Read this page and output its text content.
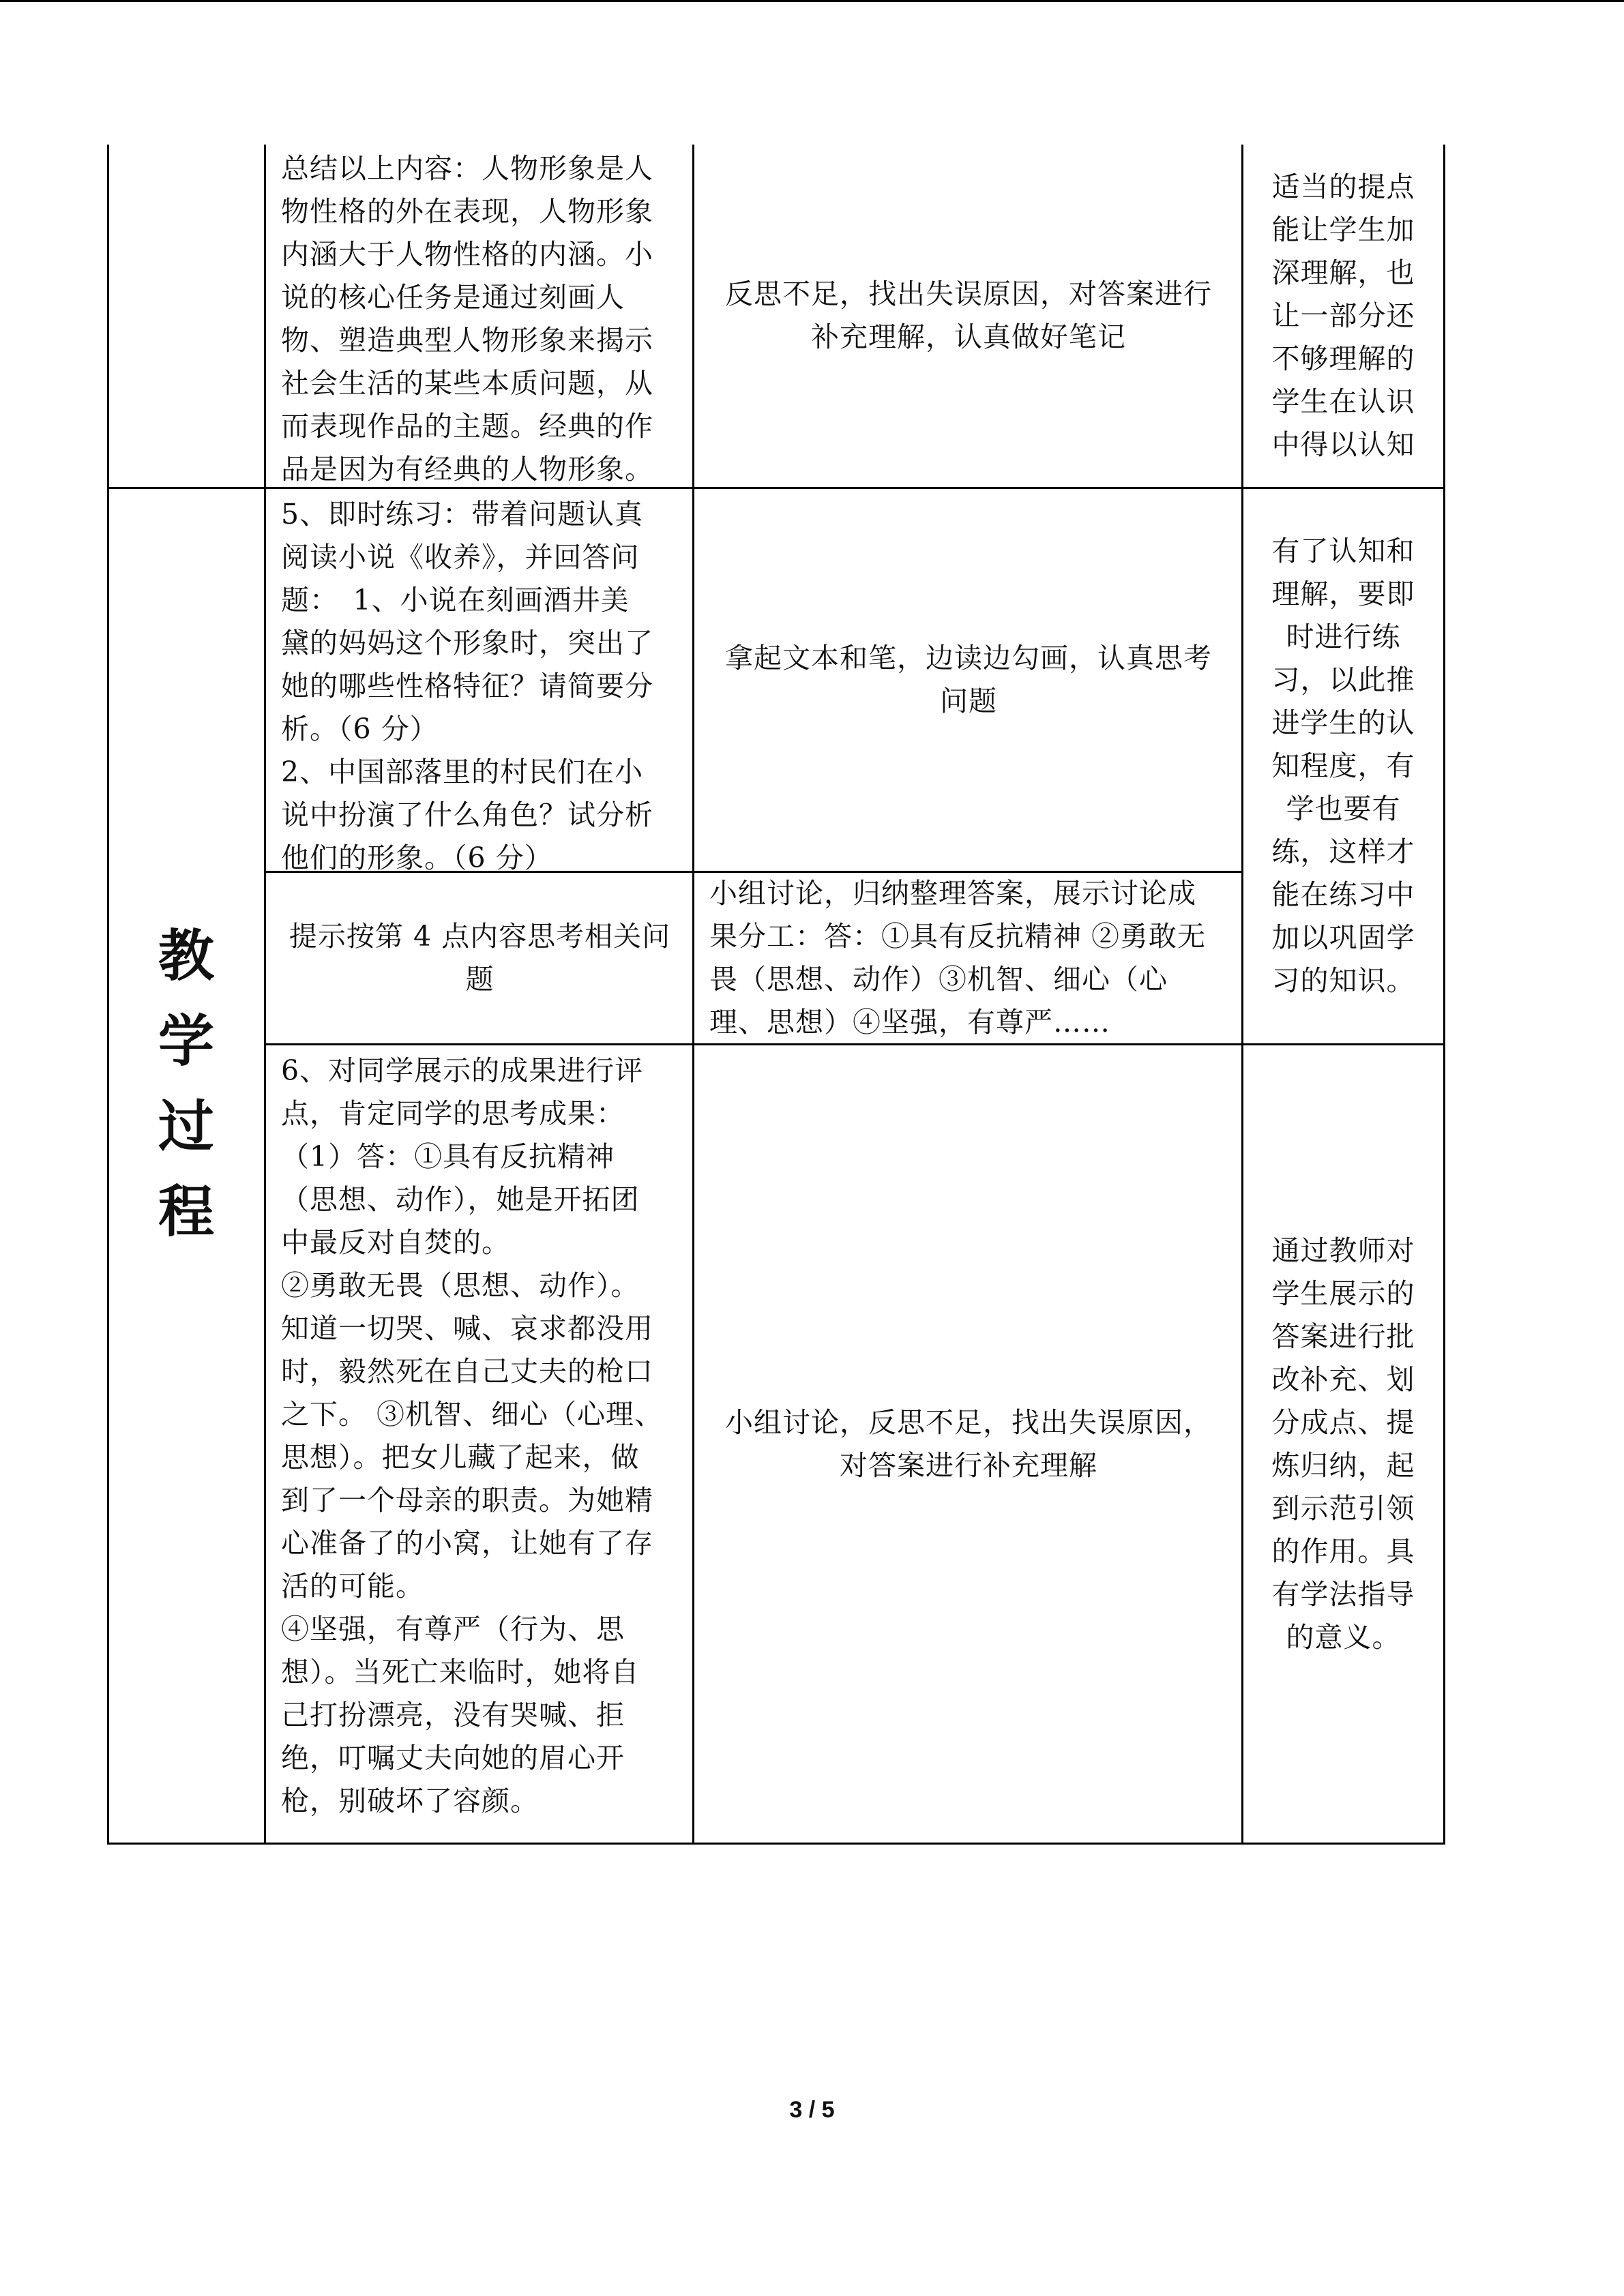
教
学
过
程
总结以上内容：人物形象是人
物性格的外在表现，人物形象
内涵大于人物性格的内涵。小
说的核心任务是通过刻画人
物、塑造典型人物形象来揭示
社会生活的某些本质问题，从
而表现作品的主题。经典的作
品是因为有经典的人物形象。
反思不足，找出失误原因，对答案进行
补充理解，认真做好笔记
适当的提点
能让学生加
深理解，也
让一部分还
不够理解的
学生在认识
中得以认知
5、即时练习：带着问题认真
阅读小说《收养》，并回答问
题：　1、小说在刻画酒井美
黛的妈妈这个形象时，突出了
她的哪些性格特征？请简要分
析。（6 分）
2、中国部落里的村民们在小
说中扮演了什么角色？试分析
他们的形象。（6 分）
拿起文本和笔，边读边勾画，认真思考
问题
有了认知和
理解，要即
时进行练
习，以此推
进学生的认
知程度，有
学也要有
练，这样才
能在练习中
加以巩固学
习的知识。
提示按第 4 点内容思考相关问
题
小组讨论，归纳整理答案，展示讨论成
果分工：答：①具有反抗精神 ②勇敢无
畏（思想、动作）③机智、细心（心
理、思想）④坚强，有尊严……
6、对同学展示的成果进行评
点，肯定同学的思考成果：
（1）答：①具有反抗精神
（思想、动作），她是开拓团
中最反对自焚的。
②勇敢无畏（思想、动作）。
知道一切哭、喊、哀求都没用
时，毅然死在自己丈夫的枪口
之下。 ③机智、细心（心理、
思想）。把女儿藏了起来，做
到了一个母亲的职责。为她精
心准备了的小窝，让她有了存
活的可能。
④坚强，有尊严（行为、思
想）。当死亡来临时，她将自
己打扮漂亮，没有哭喊、拒
绝，叮嘱丈夫向她的眉心开
枪，别破坏了容颜。
小组讨论，反思不足，找出失误原因，
对答案进行补充理解
通过教师对
学生展示的
答案进行批
改补充、划
分成点、提
炼归纳，起
到示范引领
的作用。具
有学法指导
的意义。
3 / 5
